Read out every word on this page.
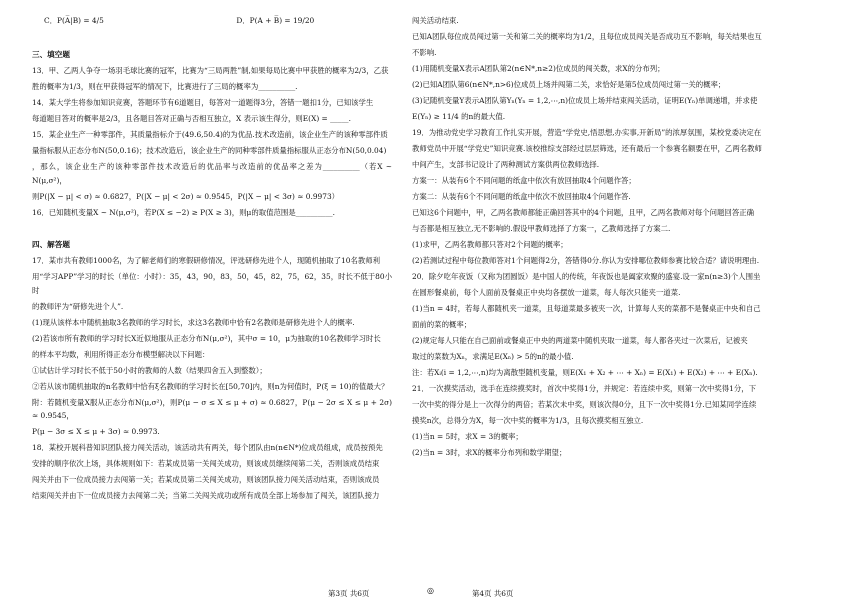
C．P(A̅|B) = 4/5	D．P(A + B̅) = 19/20

三、填空题

13．甲、乙两人争夺一场羽毛球比赛的冠军，比赛为“三局两胜”制,如果每局比赛中甲获胜的概率为2/3，乙获

胜的概率为1/3，则在甲获得冠军的情况下，比赛进行了三局的概率为__________.

14．某大学生将参加知识竞赛，答题环节有6道题目，每答对一道题得3分，答错一题扣1分，已知该学生

每道题目答对的概率是2/3，且各题目答对正确与否相互独立，X 表示该生得分，则E(X) = _____.

15．某企业生产一种零部件，其质量指标介于(49.6,50.4)的为优品.技术改造前，该企业生产的该种零部件质

量指标服从正态分布N(50,0.16)；技术改造后，该企业生产的同种零部件质量指标服从正态分布N(50,0.04)

，那么，该企业生产的该种零部件技术改造后的优品率与改造前的优品率之差为__________（若X ~ N(μ,σ²)，

则P(|X − μ| < σ) ≈ 0.6827，P(|X − μ| < 2σ) ≈ 0.9545，P(|X − μ| < 3σ) ≈ 0.9973）

16．已知随机变量X ~ N(μ,σ²)，若P(X ≤ −2) ≥ P(X ≥ 3)，则μ的取值范围是__________.

四、解答题

17．某市共有教师1000名，为了解老师们的寒假研修情况，评选研修先进个人，现随机抽取了10名教师利

用“学习APP”学习的时长（单位：小时）：35，43，90，83，50，45，82，75，62，35，时长不低于80小时

的教师评为“研修先进个人”.

(1)现从该样本中随机抽取3名教师的学习时长，求这3名教师中恰有2名教师是研修先进个人的概率.

(2)若该市所有教师的学习时长X近似地服从正态分布N(μ,σ²)，其中σ = 10，μ为抽取的10名教师学习时长

的样本平均数，利用所得正态分布模型解决以下问题：

①试估计学习时长不低于50小时的教师的人数（结果四舍五入到整数）；

②若从该市随机抽取的n名教师中恰有ξ名教师的学习时长在[50,70]内，则n为何值时，P(ξ = 10)的值最大？

附：若随机变量X服从正态分布N(μ,σ²)，则P(μ − σ ≤ X ≤ μ + σ) ≈ 0.6827，P(μ − 2σ ≤ X ≤ μ + 2σ) ≈ 0.9545，

P(μ − 3σ ≤ X ≤ μ + 3σ) ≈ 0.9973.

18．某校开展科普知识团队接力闯关活动，该活动共有两关，每个团队由n(n∈N*)位成员组成，成员按预先

安排的顺序依次上场，具体规则如下：若某成员第一关闯关成功，则该成员继续闯第二关，否则该成员结束

闯关并由下一位成员接力去闯第一关；若某成员第二关闯关成功，则该团队接力闯关活动结束，否则该成员

结束闯关并由下一位成员接力去闯第二关；当第二关闯关成功或所有成员全部上场参加了闯关，该团队接力

闯关活动结束.

已知A团队每位成员闯过第一关和第二关的概率均为1/2，且每位成员闯关是否成功互不影响，每关结果也互

不影响.

(1)用随机变量X表示A团队第2(n∈N*,n≥2)位成员的闯关数，求X的分布列；

(2)已知A团队第6(n∈N*,n>6)位成员上场并闯第二关，求恰好是第5位成员闯过第一关的概率；

(3)记随机变量Y表示A团队第Yₙ(Yₙ = 1,2,⋯,n)位成员上场并结束闯关活动，证明E(Yₙ)单调递增，并求使

E(Yₙ) ≥ 11/4 的n的最大值.

19．为推动党史学习教育工作扎实开展，营造“学党史,悟思想,办实事,开新局”的浓厚氛围，某校党委决定在

教师党员中开展“学党史”知识竞赛.该校推综支部经过层层筛选，还有最后一个参赛名额要在甲，乙两名教师

中间产生，支部书记设计了两种测试方案供两位教师选择.

方案一：从装有6个不同问题的纸盒中依次有放回抽取4个问题作答；

方案二：从装有6个不同问题的纸盒中依次不放回抽取4个问题作答.

已知这6个问题中，甲，乙两名教师都能正确回答其中的4个问题，且甲，乙两名教师对每个问题回答正确

与否都是相互独立,无不影响的.假设甲教师选择了方案一，乙教师选择了方案二.

(1)求甲，乙两名教师都只答对2个问题的概率；

(2)若测试过程中每位教师答对1个问题得2分，答错得0分.你认为安排哪位教师参赛比较合适？请说明理由.

20．除夕吃年夜饭（又称为团圆饭）是中国人的传统，年夜饭也是阖家欢聚的盛宴.设一家n(n≥3)个人围坐

在圆形餐桌前，每个人面前及餐桌正中央均各摆放一道菜，每人每次只能夹一道菜.

(1)当n = 4时，若每人都随机夹一道菜，且每道菜最多被夹一次，计算每人夹的菜都不是餐桌正中央和自己

面前的菜的概率；

(2)规定每人只能在自己面前或餐桌正中央的两道菜中随机夹取一道菜，每人都各夹过一次菜后，记被夹

取过的菜数为Xₙ，求满足E(Xₙ) > 5的n的最小值.

注：若Xᵢ(i = 1,2,⋯,n)均为离散型随机变量，则E(X₁ + X₂ + ⋯ + Xₙ) = E(X₁) + E(X₂) + ⋯ + E(Xₙ).

21．一次摸奖活动，选手在连续摸奖时，首次中奖得1分，并规定：若连续中奖，则第一次中奖得1分，下

一次中奖的得分是上一次得分的两倍；若某次未中奖，则该次得0分，且下一次中奖得1分.已知某同学连续

摸奖n次，总得分为X，每一次中奖的概率为1/3，且每次摸奖相互独立.

(1)当n = 5时，求X = 3的概率；

(2)当n = 3时，求X的概率分布列和数学期望；

第3页 共6页	◎	第4页 共6页
